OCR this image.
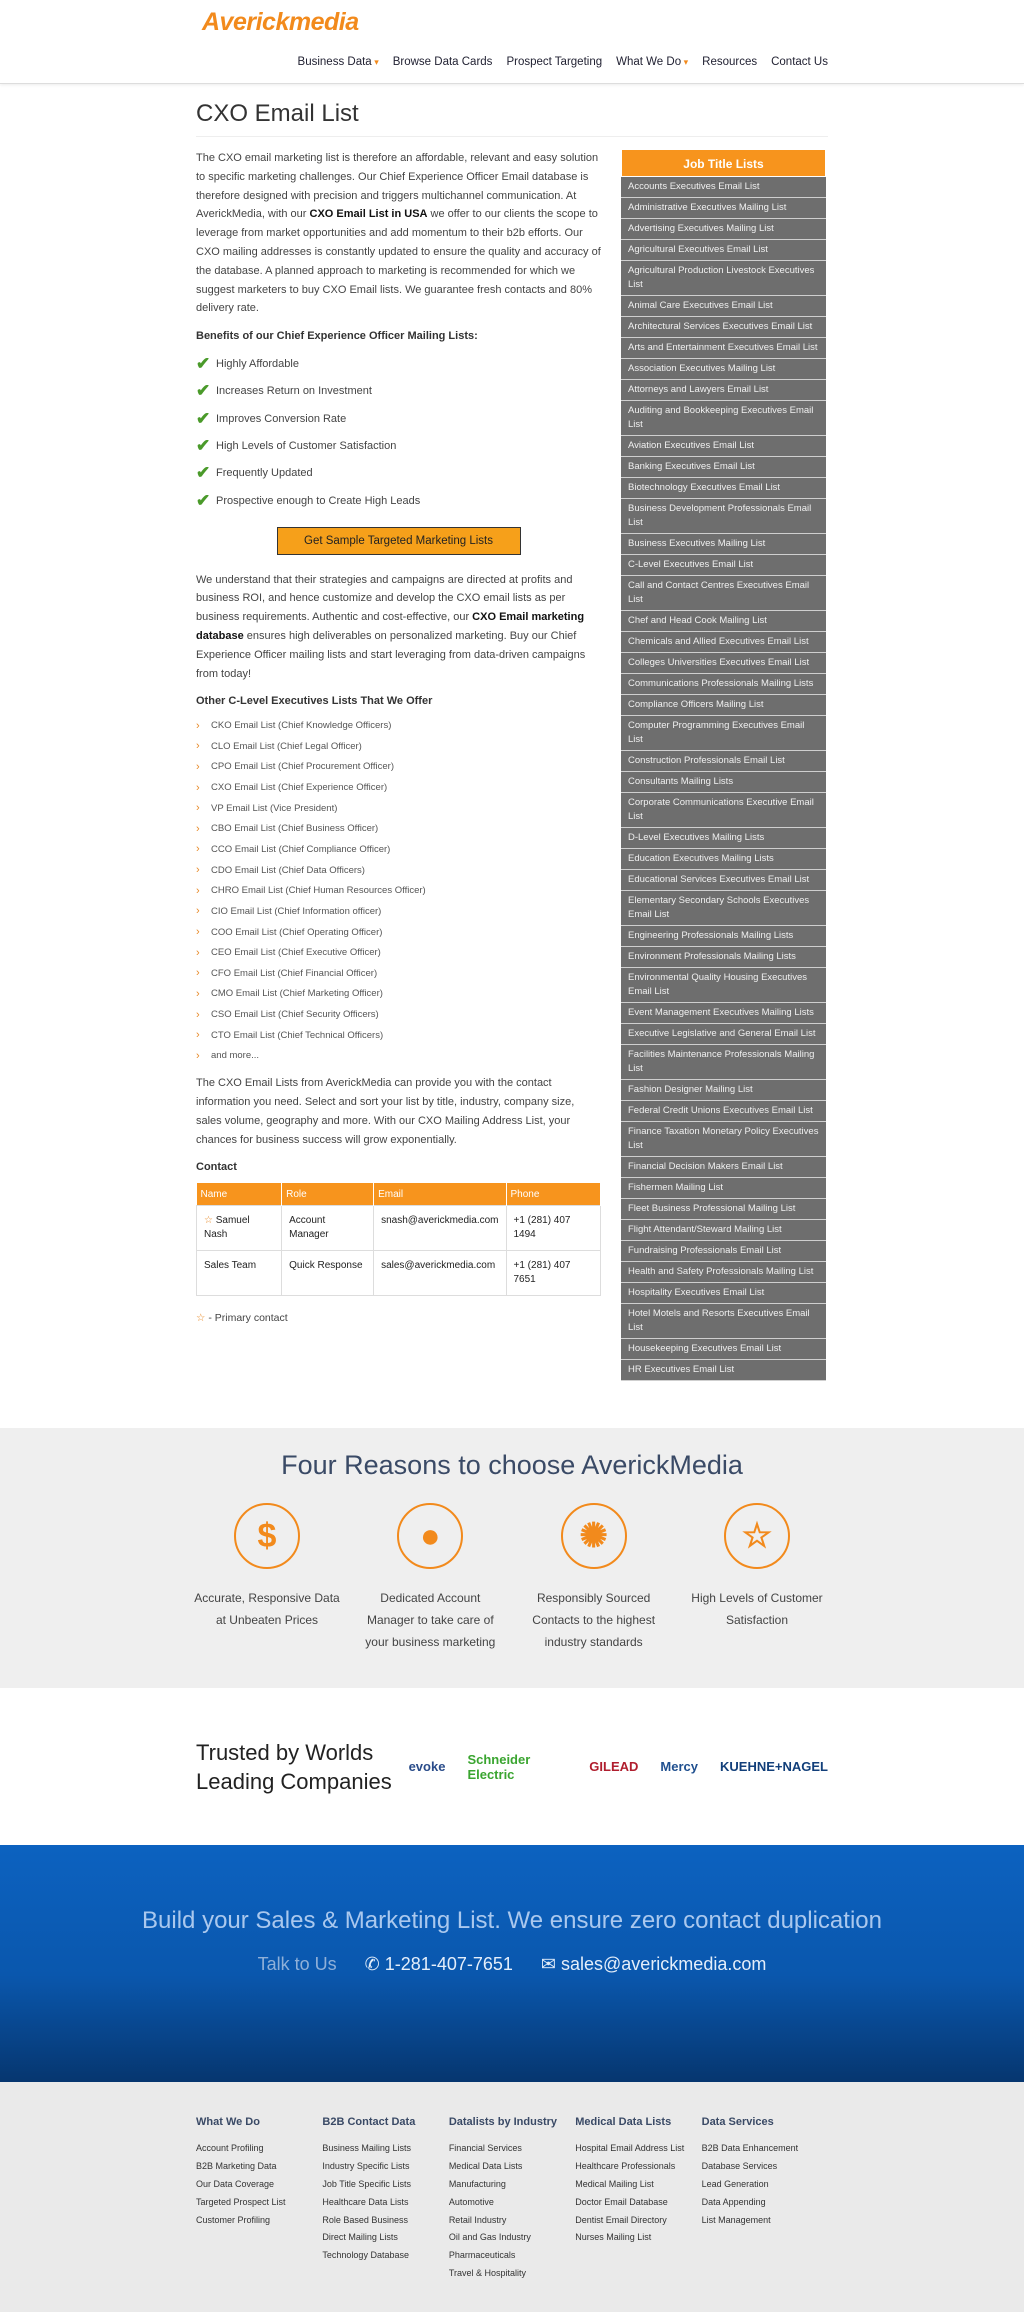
Averickmedia
Business Data ▾ Browse Data Cards Prospect Targeting What We Do ▾ Resources Contact Us
CXO Email List

The CXO email marketing list is therefore an affordable, relevant and easy solution to specific marketing challenges. Our Chief Experience Officer Email database is therefore designed with precision and triggers multichannel communication. At AverickMedia, with our CXO Email List in USA we offer to our clients the scope to leverage from market opportunities and add momentum to their b2b efforts. Our CXO mailing addresses is constantly updated to ensure the quality and accuracy of the database. A planned approach to marketing is recommended for which we suggest marketers to buy CXO Email lists. We guarantee fresh contacts and 80% delivery rate.

Benefits of our Chief Experience Officer Mailing Lists:
✔ Highly Affordable
✔ Increases Return on Investment
✔ Improves Conversion Rate
✔ High Levels of Customer Satisfaction
✔ Frequently Updated
✔ Prospective enough to Create High Leads
Get Sample Targeted Marketing Lists

We understand that their strategies and campaigns are directed at profits and business ROI, and hence customize and develop the CXO email lists as per business requirements. Authentic and cost-effective, our CXO Email marketing database ensures high deliverables on personalized marketing. Buy our Chief Experience Officer mailing lists and start leveraging from data-driven campaigns from today!

Other C-Level Executives Lists That We Offer
›	CKO Email List (Chief Knowledge Officers)
›	CLO Email List (Chief Legal Officer)
›	CPO Email List (Chief Procurement Officer)
›	CXO Email List (Chief Experience Officer)
›	VP Email List (Vice President)
›	CBO Email List (Chief Business Officer)
›	CCO Email List (Chief Compliance Officer)
›	CDO Email List (Chief Data Officers)
›	CHRO Email List (Chief Human Resources Officer)
›	CIO Email List (Chief Information officer)
›	COO Email List (Chief Operating Officer)
›	CEO Email List (Chief Executive Officer)
›	CFO Email List (Chief Financial Officer)
›	CMO Email List (Chief Marketing Officer)
›	CSO Email List (Chief Security Officers)
›	CTO Email List (Chief Technical Officers)
›	and more...

The CXO Email Lists from AverickMedia can provide you with the contact information you need. Select and sort your list by title, industry, company size, sales volume, geography and more. With our CXO Mailing Address List, your chances for business success will grow exponentially.

Contact
Name	Role	Email	Phone
☆ Samuel Nash	Account Manager	snash@averickmedia.com	+1 (281) 407 1494
Sales Team	Quick Response	sales@averickmedia.com	+1 (281) 407 7651
☆ - Primary contact
Job Title Lists
Accounts Executives Email List
Administrative Executives Mailing List
Advertising Executives Mailing List
Agricultural Executives Email List
Agricultural Production Livestock Executives List
Animal Care Executives Email List
Architectural Services Executives Email List
Arts and Entertainment Executives Email List
Association Executives Mailing List
Attorneys and Lawyers Email List
Auditing and Bookkeeping Executives Email List
Aviation Executives Email List
Banking Executives Email List
Biotechnology Executives Email List
Business Development Professionals Email List
Business Executives Mailing List
C-Level Executives Email List
Call and Contact Centres Executives Email List
Chef and Head Cook Mailing List
Chemicals and Allied Executives Email List
Colleges Universities Executives Email List
Communications Professionals Mailing Lists
Compliance Officers Mailing List
Computer Programming Executives Email List
Construction Professionals Email List
Consultants Mailing Lists
Corporate Communications Executive Email List
D-Level Executives Mailing Lists
Education Executives Mailing Lists
Educational Services Executives Email List
Elementary Secondary Schools Executives Email List
Engineering Professionals Mailing Lists
Environment Professionals Mailing Lists
Environmental Quality Housing Executives Email List
Event Management Executives Mailing Lists
Executive Legislative and General Email List
Facilities Maintenance Professionals Mailing List
Fashion Designer Mailing List
Federal Credit Unions Executives Email List
Finance Taxation Monetary Policy Executives List
Financial Decision Makers Email List
Fishermen Mailing List
Fleet Business Professional Mailing List
Flight Attendant/Steward Mailing List
Fundraising Professionals Email List
Health and Safety Professionals Mailing List
Hospitality Executives Email List
Hotel Motels and Resorts Executives Email List
Housekeeping Executives Email List
HR Executives Email List
Four Reasons to choose AverickMedia
$
Accurate, Responsive Data at Unbeaten Prices
●
Dedicated Account Manager to take care of your business marketing
✺
Responsibly Sourced Contacts to the highest industry standards
☆
High Levels of Customer Satisfaction
Trusted by Worlds Leading Companies
evoke Schneider Electric	GILEAD Mercy KUEHNE+NAGEL
Build your Sales & Marketing List. We ensure zero contact duplication
Talk to Us ✆ 1-281-407-7651 ✉ sales@averickmedia.com
What We Do
Account Profiling
B2B Marketing Data
Our Data Coverage
Targeted Prospect List
Customer Profiling
B2B Contact Data
Business Mailing Lists
Industry Specific Lists
Job Title Specific Lists
Healthcare Data Lists
Role Based Business
Direct Mailing Lists
Technology Database
Datalists by Industry
Financial Services
Medical Data Lists
Manufacturing
Automotive
Retail Industry
Oil and Gas Industry
Pharmaceuticals
Travel & Hospitality
Medical Data Lists
Hospital Email Address List
Healthcare Professionals
Medical Mailing List
Doctor Email Database
Dentist Email Directory
Nurses Mailing List
Data Services
B2B Data Enhancement
Database Services
Lead Generation
Data Appending
List Management
